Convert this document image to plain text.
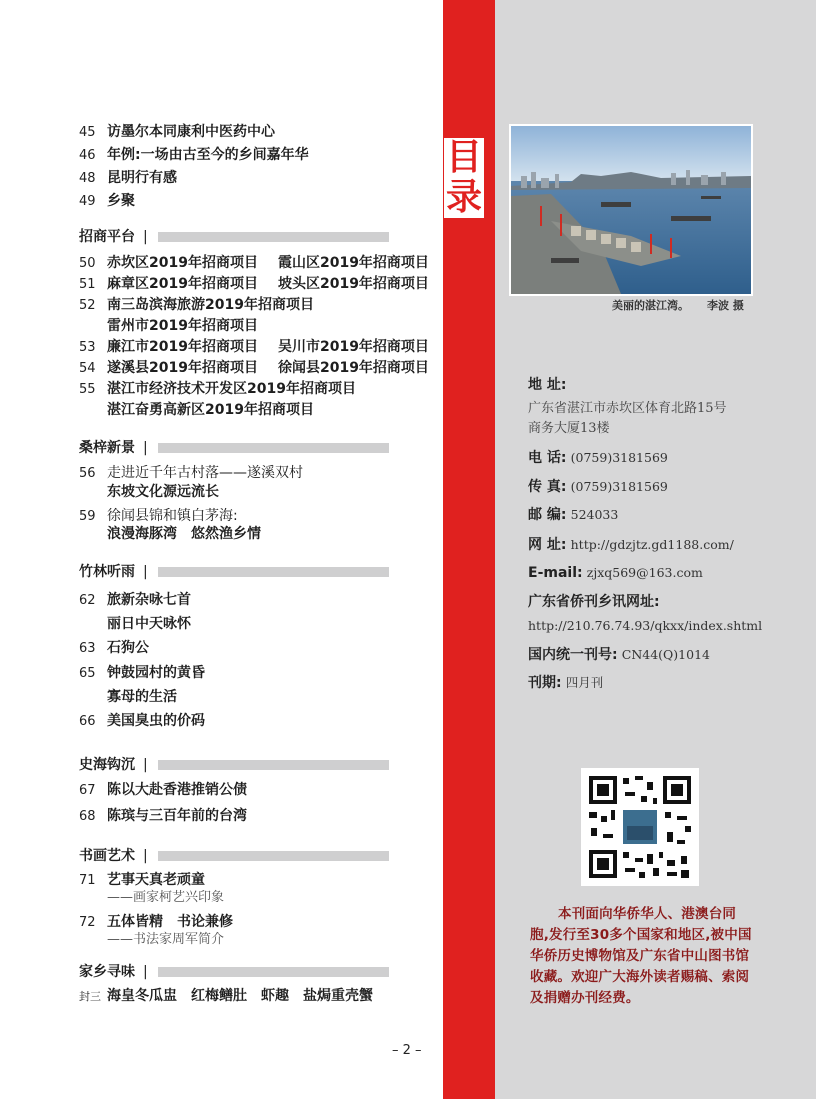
目录
45 访墨尔本同康利中医药中心
46 年例:一场由古至今的乡间嘉年华
48 昆明行有感
49 乡聚
招商平台 |
50 赤坎区2019年招商项目 霞山区2019年招商项目
51 麻章区2019年招商项目 坡头区2019年招商项目
52 南三岛滨海旅游2019年招商项目
雷州市2019年招商项目
53 廉江市2019年招商项目 吴川市2019年招商项目
54 遂溪县2019年招商项目 徐闻县2019年招商项目
55 湛江市经济技术开发区2019年招商项目
湛江奋勇高新区2019年招商项目
桑梓新景 |
56 走进近千年古村落——遂溪双村
东坡文化源远流长
59 徐闻县锦和镇白茅海:
浪漫海豚湾 悠然渔乡情
竹林听雨 |
62 旅新杂咏七首
丽日中天咏怀
63 石狗公
65 钟鼓园村的黄昏
寡母的生活
66 美国臭虫的价码
史海钩沉 |
67 陈以大赴香港推销公债
68 陈瑸与三百年前的台湾
书画艺术 |
71 艺事天真老顽童
——画家柯艺兴印象
72 五体皆精 书论兼修
——书法家周军简介
家乡寻味 |
封三 海皇冬瓜盅 红梅鳝肚 虾趣 盐焗重壳蟹
– 2 –
美丽的湛江湾。 李波 摄
地 址:
广东省湛江市赤坎区体育北路15号
商务大厦13楼
电 话: (0759)3181569
传 真: (0759)3181569
邮 编: 524033
网 址: http://gdzjtz.gd1188.com/
E-mail: zjxq569@163.com
广东省侨刊乡讯网址:
http://210.76.74.93/qkxx/index.shtml
国内统一刊号: CN44(Q)1014
刊期: 四月刊
本刊面向华侨华人、港澳台同胞,发行至30多个国家和地区,被中国华侨历史博物馆及广东省中山图书馆收藏。欢迎广大海外读者赐稿、索阅及捐赠办刊经费。
